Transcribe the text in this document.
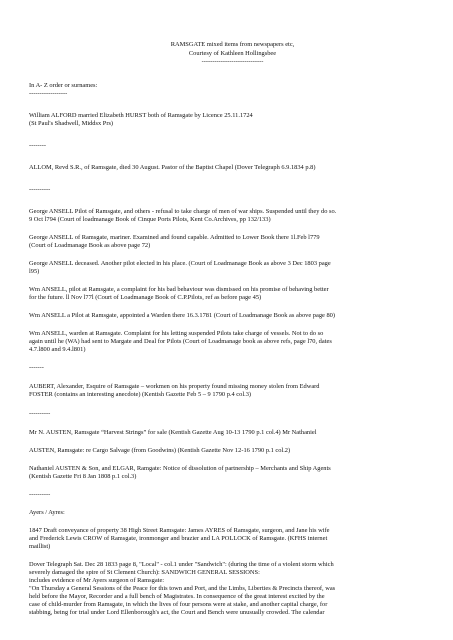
RAMSGATE mixed items from newspapers etc,
Courtesy of Kathleen Hollingsbee
-----------------------------

In A- Z order or surnames:
------------------

William ALFORD married Elizabeth HURST both of Ramsgate by Licence 25.11.1724
(St Paul's Shadwell, Middsx Prs)

--------

ALLOM, Revd S.R., of Ramsgate, died 30 August. Pastor of the Baptist Chapel (Dover Telegraph 6.9.1834 p.8)

----------

George ANSELL Pilot of Ramsgate, and others - refusal to take charge of men of war ships. Suspended until they do so.
9 Oct l794 (Court of loadmanage Book of Cinque Ports Pilots, Kent Co.Archives, pp 132/133)

George ANSELL of Ramsgate, mariner. Examined and found capable. Admitted to Lower Book there 1l.Feb l779
(Court of Loadmanage Book as above page 72)

George ANSELL deceased. Another pilot elected in his place. (Court of Loadmanage Book as above 3 Dec 1803 page
l95)

Wm ANSELL, pilot at Ramsgate, a complaint for his bad behaviour was dismissed on his promise of behaving better
for the future. ll Nov l77l (Court of Loadmanage Book of C.P.Pilots, ref as before page 45)

Wm ANSELL a Pilot at Ramsgate, appointed a Warden there 16.3.1781 (Court of Loadmanage Book as above page 80)

Wm ANSELL, warden at Ramsgate. Complaint for his letting suspended Pilots take charge of vessels. Not to do so
again until he (WA) had sent to Margate and Deal for Pilots (Court of Loadmanage book as above refs, page l70, dates
4.7.l800 and 9.4.l801)

-------

AUBERT, Alexander, Esquire of Ramsgate – workmen on his property found missing money stolen from Edward
FOSTER (contains an interesting anecdote) (Kentish Gazette Feb 5 – 9 1790 p.4 col.3)

----------

Mr N. AUSTEN, Ramsgate “Harvest Strings” for sale (Kentish Gazette Aug 10-13 1790 p.1 col.4) Mr Nathaniel

AUSTEN, Ramsgate: re Cargo Salvage (from Goodwins) (Kentish Gazette Nov 12-16 1790 p.1 col.2)

Nathaniel AUSTEN & Son, and ELGAR, Ramgate: Notice of dissolution of partnership – Merchants and Ship Agents
(Kentish Gazette Fri 8 Jan 1808 p.1 col.3)

----------

Ayers / Ayres:

1847 Draft conveyance of property 38 High Street Ramsgate: James AYRES of Ramsgate, surgeon, and Jane his wife
and Frederick Lewis CROW of Ramsgate, ironmonger and brazier and LA POLLOCK of Ramsgate. (KFHS internet
maillist)

Dover Telegraph Sat. Dec 28 1833 page 8, "Local" - col.1 under "Sandwich": (during the time of a violent storm which
severely damaged the spire of St Clement Church): SANDWICH GENERAL SESSIONS:
includes evidence of Mr Ayers surgeon of Ramsgate:
"On Thursday a General Sessions of the Peace for this town and Port, and the Limbs, Liberties & Precincts thereof, was
held before the Mayor, Recorder and a full bench of Magistrates. In consequence of the great interest excited by the
case of child-murder from Ramsgate, in which the lives of four persons were at stake, and another capital charge, for
stabbing, being for trial under Lord Ellenborough's act, the Court and Bench were unusually crowded. The calendar
